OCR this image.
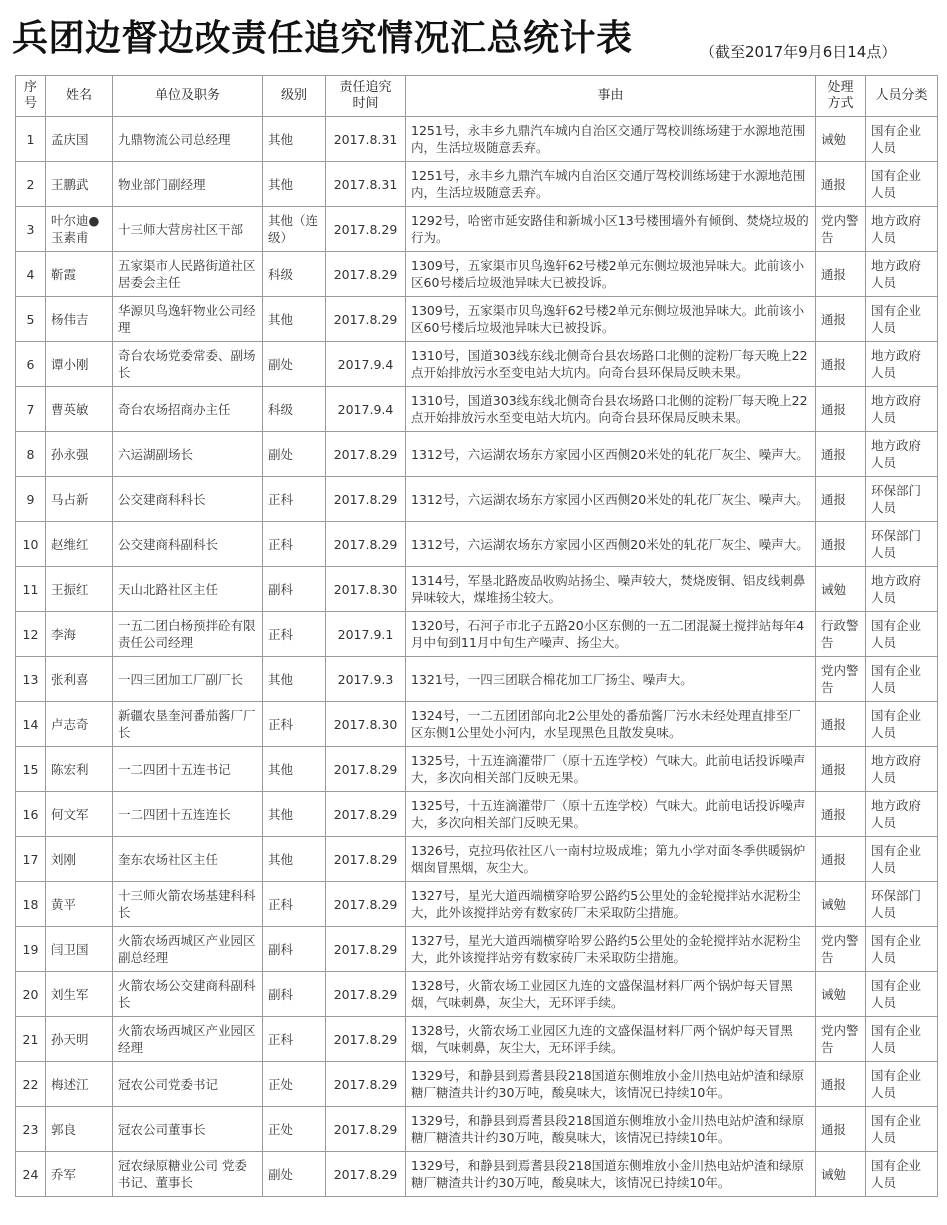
兵团边督边改责任追究情况汇总统计表	（截至2017年9月6日14点）
序号	姓名	单位及职务	级别	责任追究时间	事由	处理方式	人员分类
1	孟庆国	九鼎物流公司总经理	其他	2017.8.31	1251号，永丰乡九鼎汽车城内自治区交通厅驾校训练场建于水源地范围内，生活垃圾随意丢弃。	诫勉	国有企业人员
2	王鹏武	物业部门副经理	其他	2017.8.31	1251号，永丰乡九鼎汽车城内自治区交通厅驾校训练场建于水源地范围内，生活垃圾随意丢弃。	通报	国有企业人员
3	叶尔迪●玉素甫	十三师大营房社区干部	其他（连级）	2017.8.29	1292号，哈密市延安路佳和新城小区13号楼围墙外有倾倒、焚烧垃圾的行为。	党内警告	地方政府人员
4	靳霞	五家渠市人民路街道社区居委会主任	科级	2017.8.29	1309号，五家渠市贝鸟逸轩62号楼2单元东侧垃圾池异味大。此前该小区60号楼后垃圾池异味大已被投诉。	通报	地方政府人员
5	杨伟吉	华源贝鸟逸轩物业公司经理	其他	2017.8.29	1309号，五家渠市贝鸟逸轩62号楼2单元东侧垃圾池异味大。此前该小区60号楼后垃圾池异味大已被投诉。	通报	国有企业人员
6	谭小刚	奇台农场党委常委、副场长	副处	2017.9.4	1310号，国道303线东线北侧奇台县农场路口北侧的淀粉厂每天晚上22点开始排放污水至变电站大坑内。向奇台县环保局反映未果。	通报	地方政府人员
7	曹英敏	奇台农场招商办主任	科级	2017.9.4	1310号，国道303线东线北侧奇台县农场路口北侧的淀粉厂每天晚上22点开始排放污水至变电站大坑内。向奇台县环保局反映未果。	通报	地方政府人员
8	孙永强	六运湖副场长	副处	2017.8.29	1312号，六运湖农场东方家园小区西侧20米处的轧花厂灰尘、噪声大。	通报	地方政府人员
9	马占新	公交建商科科长	正科	2017.8.29	1312号，六运湖农场东方家园小区西侧20米处的轧花厂灰尘、噪声大。	通报	环保部门人员
10	赵维红	公交建商科副科长	正科	2017.8.29	1312号，六运湖农场东方家园小区西侧20米处的轧花厂灰尘、噪声大。	通报	环保部门人员
11	王振红	天山北路社区主任	副科	2017.8.30	1314号，军垦北路废品收购站扬尘、噪声较大，焚烧废铜、铝皮线刺鼻异味较大，煤堆扬尘较大。	诫勉	地方政府人员
12	李海	一五二团白杨预拌砼有限责任公司经理	正科	2017.9.1	1320号，石河子市北子五路20小区东侧的一五二团混凝土搅拌站每年4月中旬到11月中旬生产噪声、扬尘大。	行政警告	国有企业人员
13	张利喜	一四三团加工厂副厂长	其他	2017.9.3	1321号，一四三团联合棉花加工厂扬尘、噪声大。	党内警告	国有企业人员
14	卢志奇	新疆农垦奎河番茄酱厂厂长	正科	2017.8.30	1324号，一二五团团部向北2公里处的番茄酱厂污水未经处理直排至厂区东侧1公里处小河内，水呈现黑色且散发臭味。	通报	国有企业人员
15	陈宏利	一二四团十五连书记	其他	2017.8.29	1325号，十五连滴灌带厂（原十五连学校）气味大。此前电话投诉噪声大，多次向相关部门反映无果。	通报	地方政府人员
16	何文军	一二四团十五连连长	其他	2017.8.29	1325号，十五连滴灌带厂（原十五连学校）气味大。此前电话投诉噪声大，多次向相关部门反映无果。	通报	地方政府人员
17	刘刚	奎东农场社区主任	其他	2017.8.29	1326号，克拉玛依社区八一南村垃圾成堆；第九小学对面冬季供暖锅炉烟囱冒黑烟，灰尘大。	通报	国有企业人员
18	黄平	十三师火箭农场基建科科长	正科	2017.8.29	1327号，星光大道西端横穿哈罗公路约5公里处的金轮搅拌站水泥粉尘大，此外该搅拌站旁有数家砖厂未采取防尘措施。	诫勉	环保部门人员
19	闫卫国	火箭农场西城区产业园区副总经理	副科	2017.8.29	1327号，星光大道西端横穿哈罗公路约5公里处的金轮搅拌站水泥粉尘大，此外该搅拌站旁有数家砖厂未采取防尘措施。	党内警告	国有企业人员
20	刘生军	火箭农场公交建商科副科长	副科	2017.8.29	1328号，火箭农场工业园区九连的文盛保温材料厂两个锅炉每天冒黑烟，气味刺鼻，灰尘大，无环评手续。	诫勉	国有企业人员
21	孙天明	火箭农场西城区产业园区经理	正科	2017.8.29	1328号，火箭农场工业园区九连的文盛保温材料厂两个锅炉每天冒黑烟，气味刺鼻，灰尘大，无环评手续。	党内警告	国有企业人员
22	梅述江	冠农公司党委书记	正处	2017.8.29	1329号，和静县到焉耆县段218国道东侧堆放小金川热电站炉渣和绿原糖厂糖渣共计约30万吨，酸臭味大，该情况已持续10年。	通报	国有企业人员
23	郭良	冠农公司董事长	正处	2017.8.29	1329号，和静县到焉耆县段218国道东侧堆放小金川热电站炉渣和绿原糖厂糖渣共计约30万吨，酸臭味大，该情况已持续10年。	通报	国有企业人员
24	乔军	冠农绿原糖业公司 党委书记、董事长	副处	2017.8.29	1329号，和静县到焉耆县段218国道东侧堆放小金川热电站炉渣和绿原糖厂糖渣共计约30万吨，酸臭味大，该情况已持续10年。	诫勉	国有企业人员
